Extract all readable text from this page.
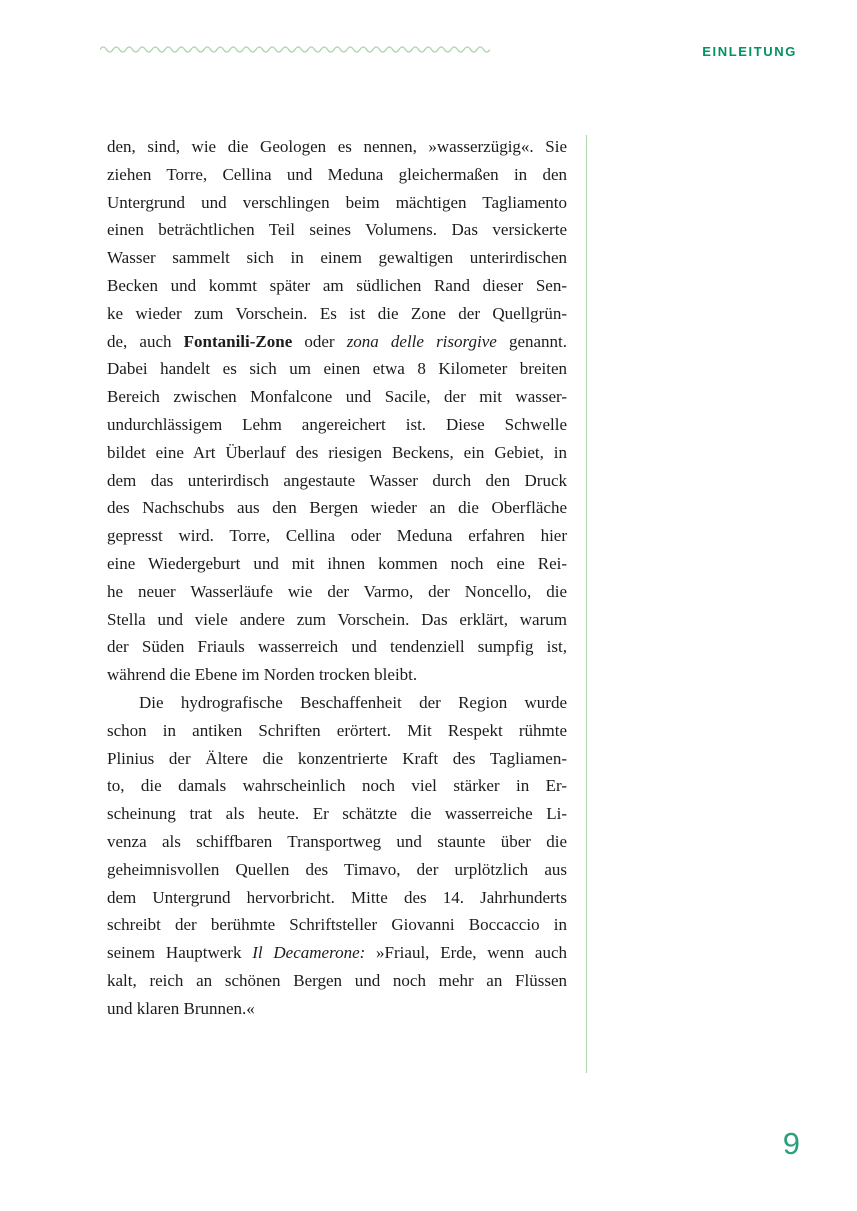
EINLEITUNG
den, sind, wie die Geologen es nennen, »wasserzügig«. Sie
ziehen Torre, Cellina und Meduna gleichermaßen in den
Untergrund und verschlingen beim mächtigen Tagliamento
einen beträchtlichen Teil seines Volumens. Das versickerte
Wasser sammelt sich in einem gewaltigen unterirdischen
Becken und kommt später am südlichen Rand dieser Sen-
ke wieder zum Vorschein. Es ist die Zone der Quellgrün-
de, auch Fontanili-Zone oder zona delle risorgive genannt.
Dabei handelt es sich um einen etwa 8 Kilometer breiten
Bereich zwischen Monfalcone und Sacile, der mit wasser-
undurchlässigem Lehm angereichert ist. Diese Schwelle
bildet eine Art Überlauf des riesigen Beckens, ein Gebiet, in
dem das unterirdisch angestaute Wasser durch den Druck
des Nachschubs aus den Bergen wieder an die Oberfläche
gepresst wird. Torre, Cellina oder Meduna erfahren hier
eine Wiedergeburt und mit ihnen kommen noch eine Rei-
he neuer Wasserläufe wie der Varmo, der Noncello, die
Stella und viele andere zum Vorschein. Das erklärt, warum
der Süden Friauls wasserreich und tendenziell sumpfig ist,
während die Ebene im Norden trocken bleibt.
Die hydrografische Beschaffenheit der Region wurde
schon in antiken Schriften erörtert. Mit Respekt rühmte
Plinius der Ältere die konzentrierte Kraft des Tagliamen-
to, die damals wahrscheinlich noch viel stärker in Er-
scheinung trat als heute. Er schätzte die wasserreiche Li-
venza als schiffbaren Transportweg und staunte über die
geheimnisvollen Quellen des Timavo, der urplötzlich aus
dem Untergrund hervorbricht. Mitte des 14. Jahrhunderts
schreibt der berühmte Schriftsteller Giovanni Boccaccio in
seinem Hauptwerk Il Decamerone: »Friaul, Erde, wenn auch
kalt, reich an schönen Bergen und noch mehr an Flüssen
und klaren Brunnen.«
9
